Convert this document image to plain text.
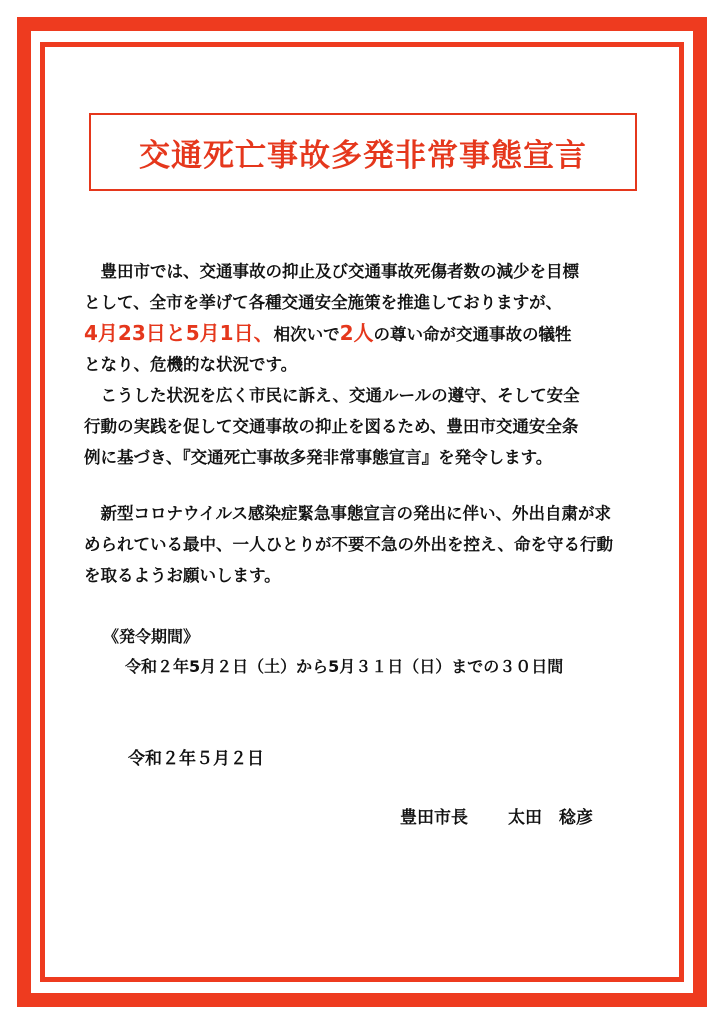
交通死亡事故多発非常事態宣言
　豊田市では、交通事故の抑止及び交通事故死傷者数の減少を目標
として、全市を挙げて各種交通安全施策を推進しておりますが、
4月23日と5月1日、相次いで2人の尊い命が交通事故の犠牲
となり、危機的な状況です。
　こうした状況を広く市民に訴え、交通ルールの遵守、そして安全
行動の実践を促して交通事故の抑止を図るため、豊田市交通安全条
例に基づき、『交通死亡事故多発非常事態宣言』を発令します。
　新型コロナウイルス感染症緊急事態宣言の発出に伴い、外出自粛が求
められている最中、一人ひとりが不要不急の外出を控え、命を守る行動
を取るようお願いします。
《発令期間》
令和２年5月２日（土）から5月３１日（日）までの３０日間
令和２年５月２日
豊田市長 太田　稔彦
